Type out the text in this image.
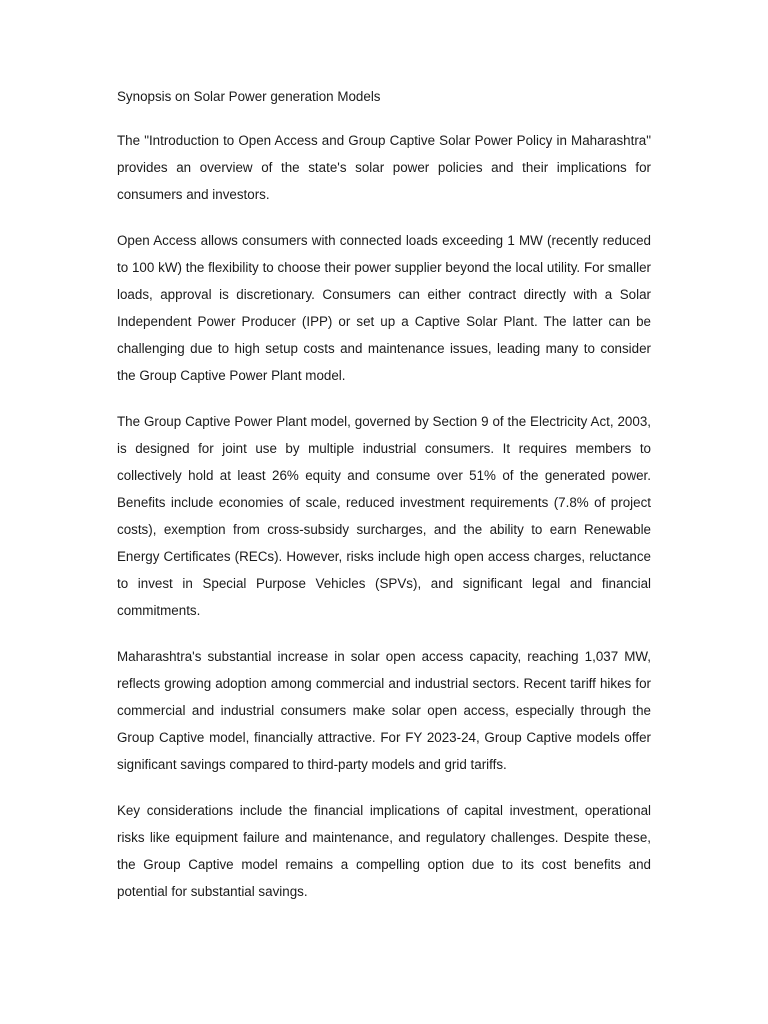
Synopsis on Solar Power generation Models

The "Introduction to Open Access and Group Captive Solar Power Policy in Maharashtra" provides an overview of the state's solar power policies and their implications for consumers and investors.

Open Access allows consumers with connected loads exceeding 1 MW (recently reduced to 100 kW) the flexibility to choose their power supplier beyond the local utility. For smaller loads, approval is discretionary. Consumers can either contract directly with a Solar Independent Power Producer (IPP) or set up a Captive Solar Plant. The latter can be challenging due to high setup costs and maintenance issues, leading many to consider the Group Captive Power Plant model.

The Group Captive Power Plant model, governed by Section 9 of the Electricity Act, 2003, is designed for joint use by multiple industrial consumers. It requires members to collectively hold at least 26% equity and consume over 51% of the generated power. Benefits include economies of scale, reduced investment requirements (7.8% of project costs), exemption from cross-subsidy surcharges, and the ability to earn Renewable Energy Certificates (RECs). However, risks include high open access charges, reluctance to invest in Special Purpose Vehicles (SPVs), and significant legal and financial commitments.

Maharashtra's substantial increase in solar open access capacity, reaching 1,037 MW, reflects growing adoption among commercial and industrial sectors. Recent tariff hikes for commercial and industrial consumers make solar open access, especially through the Group Captive model, financially attractive. For FY 2023-24, Group Captive models offer significant savings compared to third-party models and grid tariffs.

Key considerations include the financial implications of capital investment, operational risks like equipment failure and maintenance, and regulatory challenges. Despite these, the Group Captive model remains a compelling option due to its cost benefits and potential for substantial savings.
